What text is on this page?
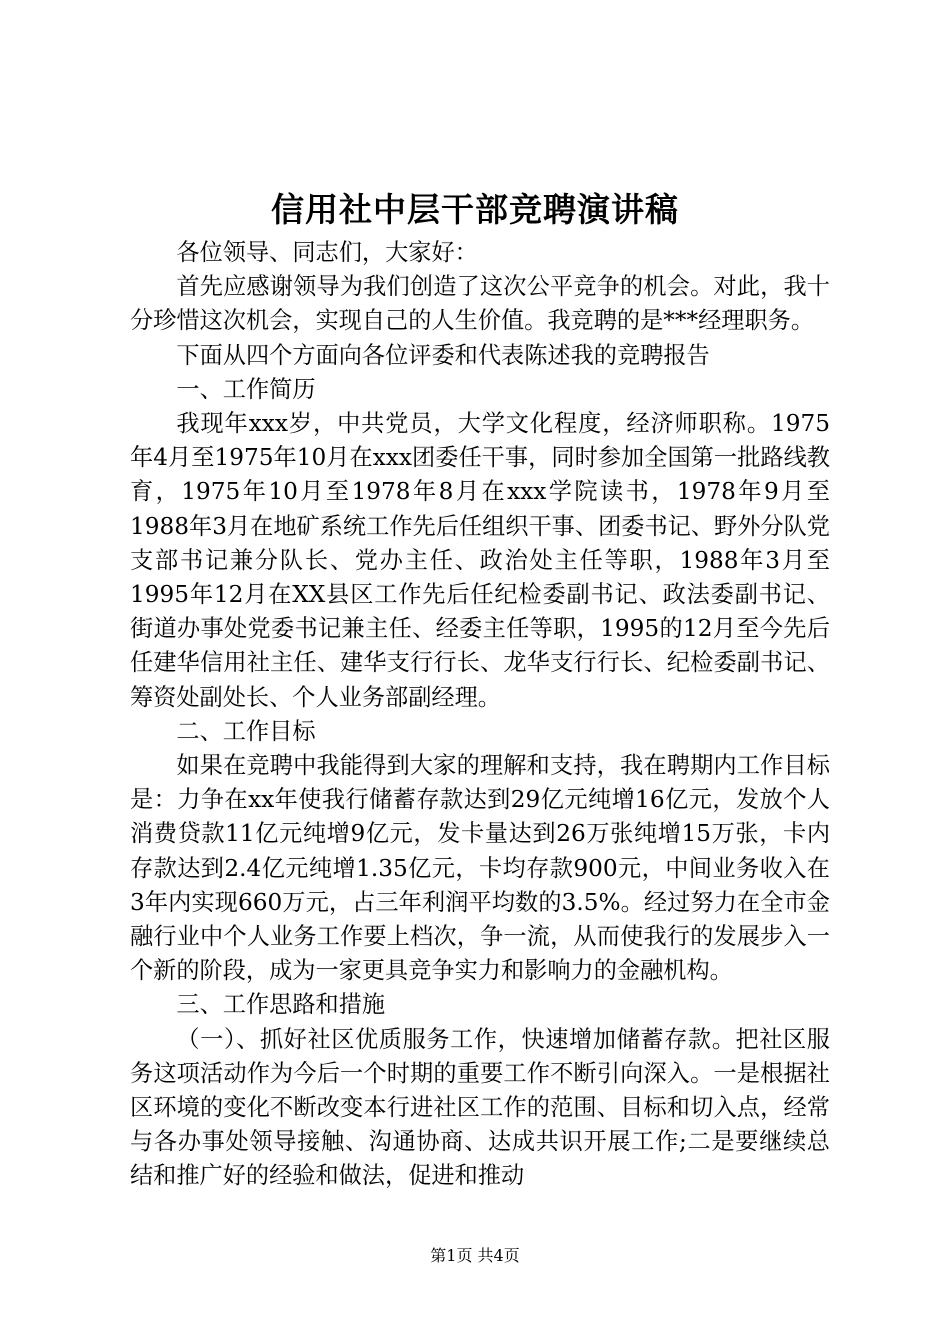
信用社中层干部竞聘演讲稿

各位领导、同志们，大家好：

首先应感谢领导为我们创造了这次公平竞争的机会。对此，我十分珍惜这次机会，实现自己的人生价值。我竞聘的是***经理职务。

下面从四个方面向各位评委和代表陈述我的竞聘报告

一、工作简历

我现年xxx岁，中共党员，大学文化程度，经济师职称。1975年4月至1975年10月在xxx团委任干事，同时参加全国第一批路线教育，1975年10月至1978年8月在xxx学院读书，1978年9月至1988年3月在地矿系统工作先后任组织干事、团委书记、野外分队党支部书记兼分队长、党办主任、政治处主任等职，1988年3月至1995年12月在XX县区工作先后任纪检委副书记、政法委副书记、街道办事处党委书记兼主任、经委主任等职，1995的12月至今先后任建华信用社主任、建华支行行长、龙华支行行长、纪检委副书记、筹资处副处长、个人业务部副经理。

二、工作目标

如果在竞聘中我能得到大家的理解和支持，我在聘期内工作目标是：力争在xx年使我行储蓄存款达到29亿元纯增16亿元，发放个人消费贷款11亿元纯增9亿元，发卡量达到26万张纯增15万张，卡内存款达到2.4亿元纯增1.35亿元，卡均存款900元，中间业务收入在3年内实现660万元，占三年利润平均数的3.5%。经过努力在全市金融行业中个人业务工作要上档次，争一流，从而使我行的发展步入一个新的阶段，成为一家更具竞争实力和影响力的金融机构。

三、工作思路和措施

（一）、抓好社区优质服务工作，快速增加储蓄存款。把社区服务这项活动作为今后一个时期的重要工作不断引向深入。一是根据社区环境的变化不断改变本行进社区工作的范围、目标和切入点，经常与各办事处领导接触、沟通协商、达成共识开展工作;二是要继续总结和推广好的经验和做法，促进和推动

第1页 共4页
